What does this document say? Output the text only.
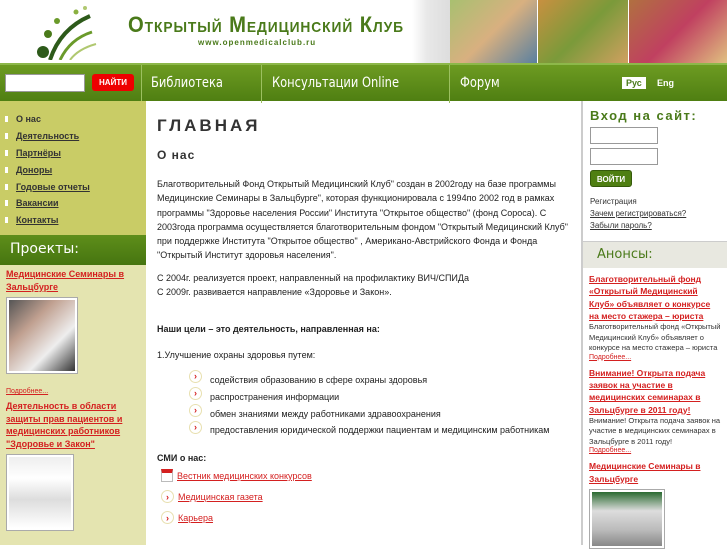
Открытый Медицинский Клуб
www.openmedicalclub.ru
НАЙТИ	Библиотека	Консультации Online	Форум	Рус	Eng
О нас
Деятельность
Партнёры
Доноры
Годовые отчеты
Вакансии
Контакты
Проекты:
Медицинские Семинары в Зальцбурге
Подробнее...
Деятельность в области защиты прав пациентов и медицинских работников "Здоровье и Закон"
ГЛАВНАЯ
О нас

Благотворительный Фонд Открытый Медицинский Клуб" создан в 2002году на базе программы Медицинские Семинары в Зальцбурге", которая функционировала с 1994по 2002 год в рамках программы "Здоровье населения России" Института "Открытое общество" (фонд Сороса). С 2003года программа осуществляется благотворительным фондом "Открытый Медицинский Клуб" при поддержке Института "Открытое общество" , Американо-Австрийского Фонда и Фонда "Открытый Институт здоровья населения".

С 2004г. реализуется проект, направленный на профилактику ВИЧ/СПИДа

С 2009г. развивается направление «Здоровье и Закон».

Наши цели – это деятельность, направленная на:

1.Улучшение охраны здоровья путем:

›	содействия образованию в сфере охраны здоровья
›	распространения информации
›	обмен знаниями между работниками здравоохранения
›	предоставления юридической поддержки пациентам и медицинским работникам

СМИ о нас:

Вестник медицинских конкурсов
›	Медицинская газета
›	Карьера
Вход на сайт:
ВОЙТИ
Регистрация
Зачем регистрироваться?
Забыли пароль?
Анонсы:
Благотворительный фонд «Открытый Медицинский Клуб» объявляет о конкурсе на место стажера – юриста

Благотворительный фонд «Открытый Медицинский Клуб» объявляет о конкурсе на место стажера – юриста

Подробнее...
Внимание! Открыта подача заявок на участие в медицинских семинарах в Зальцбурге в 2011 году!

Внимание! Открыта подача заявок на участие в медицинских семинарах в Зальцбурге в 2011 году!

Подробнее...
Медицинские Семинары в Зальцбурге
